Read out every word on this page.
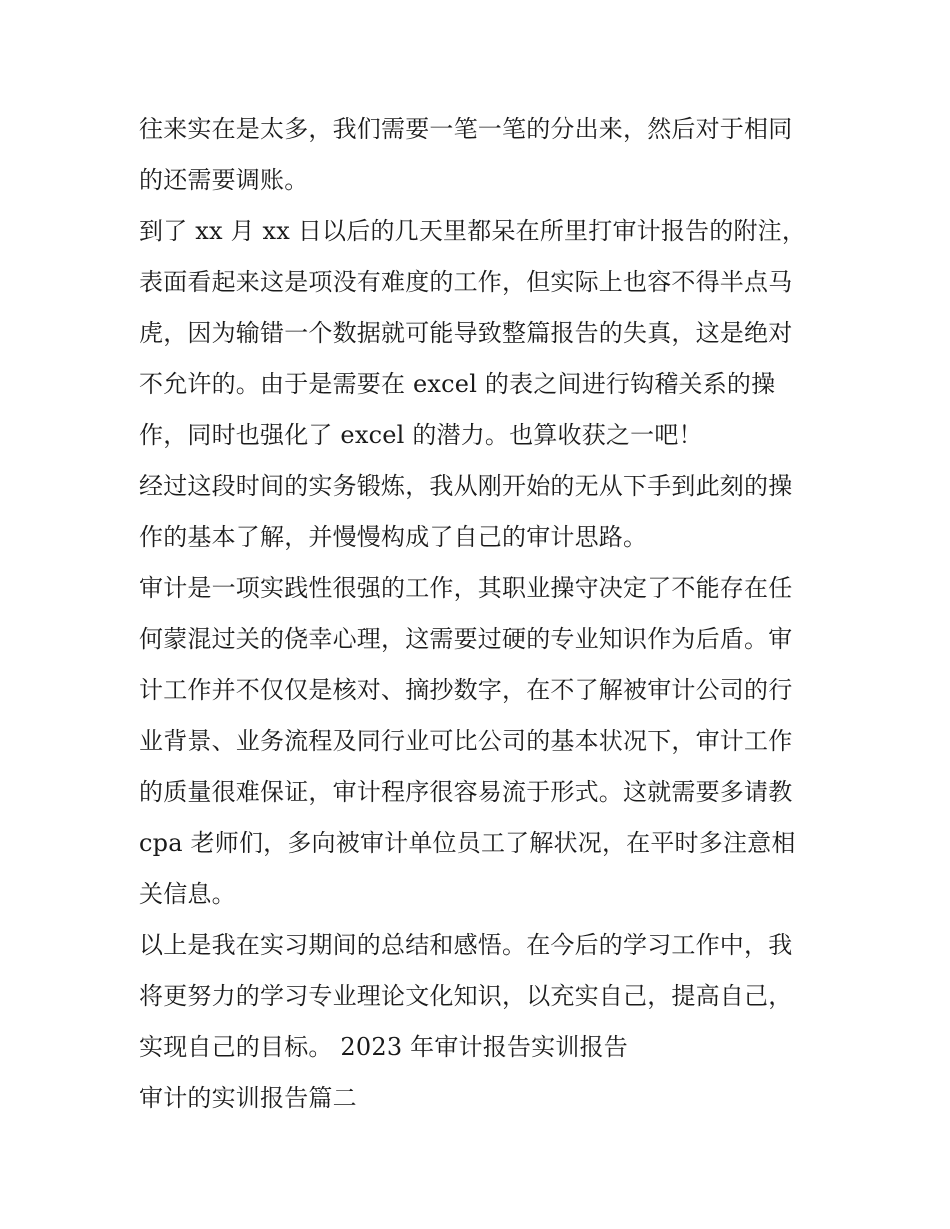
往来实在是太多，我们需要一笔一笔的分出来，然后对于相同
的还需要调账。
到了 xx 月 xx 日以后的几天里都呆在所里打审计报告的附注，
表面看起来这是项没有难度的工作，但实际上也容不得半点马
虎，因为输错一个数据就可能导致整篇报告的失真，这是绝对
不允许的。由于是需要在 excel 的表之间进行钩稽关系的操
作，同时也强化了 excel 的潜力。也算收获之一吧！
经过这段时间的实务锻炼，我从刚开始的无从下手到此刻的操
作的基本了解，并慢慢构成了自己的审计思路。
审计是一项实践性很强的工作，其职业操守决定了不能存在任
何蒙混过关的侥幸心理，这需要过硬的专业知识作为后盾。审
计工作并不仅仅是核对、摘抄数字，在不了解被审计公司的行
业背景、业务流程及同行业可比公司的基本状况下，审计工作
的质量很难保证，审计程序很容易流于形式。这就需要多请教
cpa 老师们，多向被审计单位员工了解状况，在平时多注意相
关信息。
以上是我在实习期间的总结和感悟。在今后的学习工作中，我
将更努力的学习专业理论文化知识，以充实自己，提高自己，
实现自己的目标。 2023 年审计报告实训报告
审计的实训报告篇二
